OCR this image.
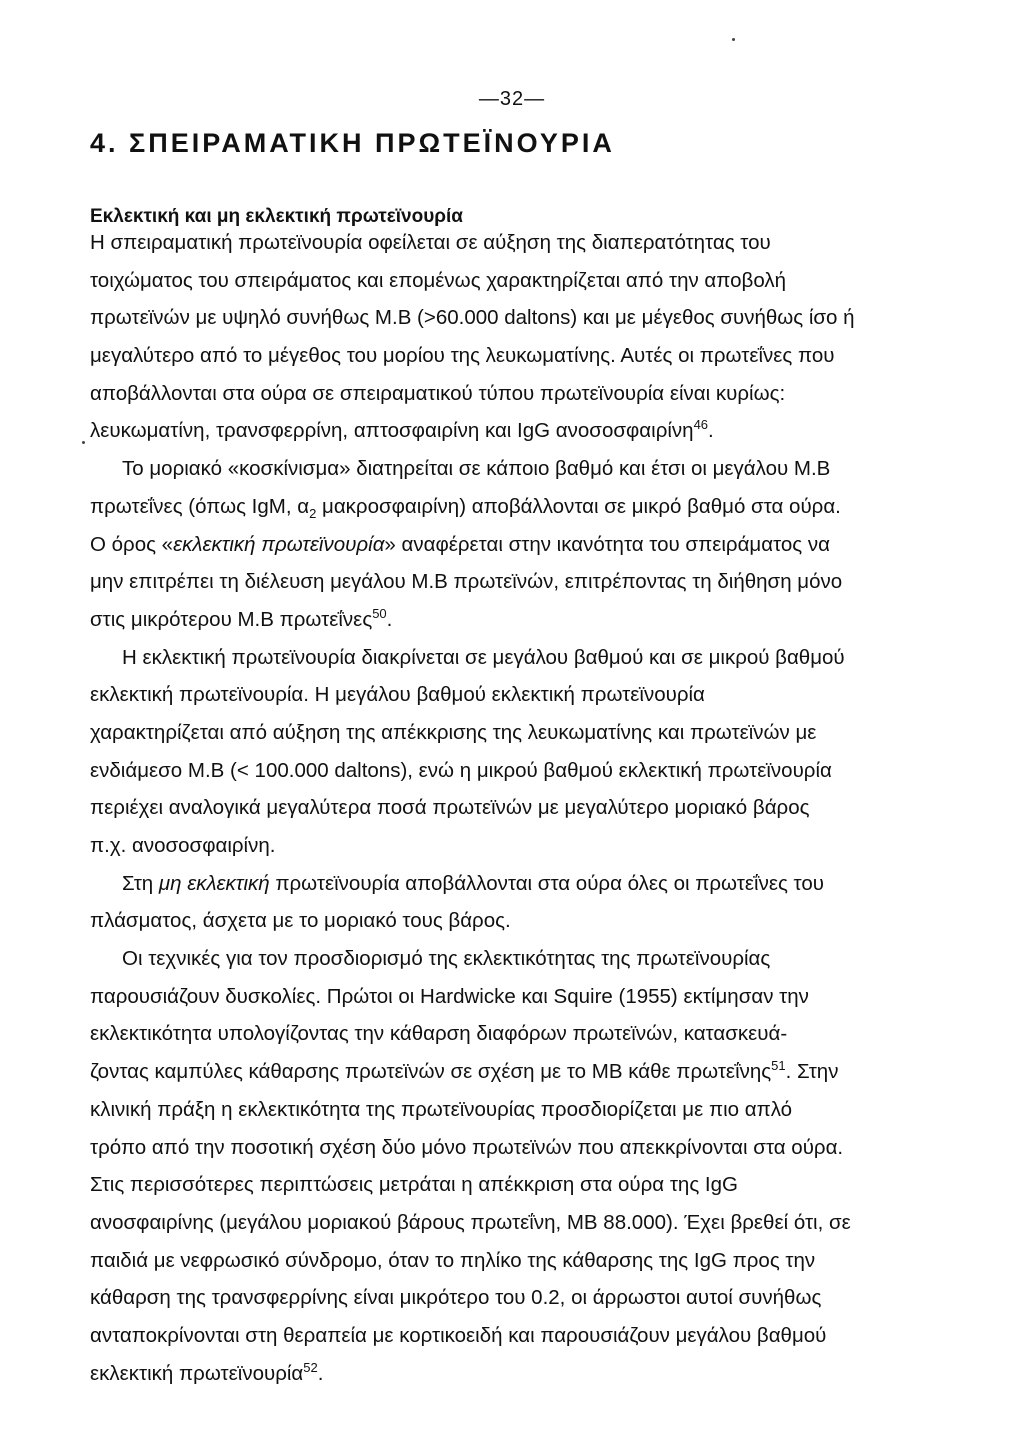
—32—
4. ΣΠΕΙΡΑΜΑΤΙΚΗ ΠΡΩΤΕΪΝΟΥΡΙΑ
Εκλεκτική και μη εκλεκτική πρωτεϊνουρία
Η σπειραματική πρωτεϊνουρία οφείλεται σε αύξηση της διαπερατότητας του
τοιχώματος του σπειράματος και επομένως χαρακτηρίζεται από την αποβολή
πρωτεϊνών με υψηλό συνήθως Μ.Β (>60.000 daltons) και με μέγεθος συνήθως ίσο ή
μεγαλύτερο από το μέγεθος του μορίου της λευκωματίνης. Αυτές οι πρωτεΐνες που
αποβάλλονται στα ούρα σε σπειραματικού τύπου πρωτεϊνουρία είναι κυρίως:
λευκωματίνη, τρανσφερρίνη, απτοσφαιρίνη και IgG ανοσοσφαιρίνη$^{46}$.
Το μοριακό «κοσκίνισμα» διατηρείται σε κάποιο βαθμό και έτσι οι μεγάλου Μ.Β
πρωτεΐνες (όπως IgM, $\alpha_2$ μακροσφαιρίνη) αποβάλλονται σε μικρό βαθμό στα ούρα.
Ο όρος «εκλεκτική πρωτεϊνουρία» αναφέρεται στην ικανότητα του σπειράματος να
μην επιτρέπει τη διέλευση μεγάλου Μ.Β πρωτεϊνών, επιτρέποντας τη διήθηση μόνο
στις μικρότερου Μ.Β πρωτεΐνες$^{50}$.
Η εκλεκτική πρωτεϊνουρία διακρίνεται σε μεγάλου βαθμού και σε μικρού βαθμού
εκλεκτική πρωτεϊνουρία. Η μεγάλου βαθμού εκλεκτική πρωτεϊνουρία
χαρακτηρίζεται από αύξηση της απέκκρισης της λευκωματίνης και πρωτεϊνών με
ενδιάμεσο Μ.Β (< 100.000 daltons), ενώ η μικρού βαθμού εκλεκτική πρωτεϊνουρία
περιέχει αναλογικά μεγαλύτερα ποσά πρωτεϊνών με μεγαλύτερο μοριακό βάρος
π.χ. ανοσοσφαιρίνη.
Στη μη εκλεκτική πρωτεϊνουρία αποβάλλονται στα ούρα όλες οι πρωτεΐνες του
πλάσματος, άσχετα με το μοριακό τους βάρος.
Οι τεχνικές για τον προσδιορισμό της εκλεκτικότητας της πρωτεϊνουρίας
παρουσιάζουν δυσκολίες. Πρώτοι οι Hardwicke και Squire (1955) εκτίμησαν την
εκλεκτικότητα υπολογίζοντας την κάθαρση διαφόρων πρωτεϊνών, κατασκευά-
ζοντας καμπύλες κάθαρσης πρωτεϊνών σε σχέση με το ΜΒ κάθε πρωτεΐνης$^{51}$. Στην
κλινική πράξη η εκλεκτικότητα της πρωτεϊνουρίας προσδιορίζεται με πιο απλό
τρόπο από την ποσοτική σχέση δύο μόνο πρωτεϊνών που απεκκρίνονται στα ούρα.
Στις περισσότερες περιπτώσεις μετράται η απέκκριση στα ούρα της IgG
ανοσφαιρίνης (μεγάλου μοριακού βάρους πρωτεΐνη, ΜΒ 88.000). Έχει βρεθεί ότι, σε
παιδιά με νεφρωσικό σύνδρομο, όταν το πηλίκο της κάθαρσης της IgG προς την
κάθαρση της τρανσφερρίνης είναι μικρότερο του 0.2, οι άρρωστοι αυτοί συνήθως
ανταποκρίνονται στη θεραπεία με κορτικοειδή και παρουσιάζουν μεγάλου βαθμού
εκλεκτική πρωτεϊνουρία$^{52}$.
